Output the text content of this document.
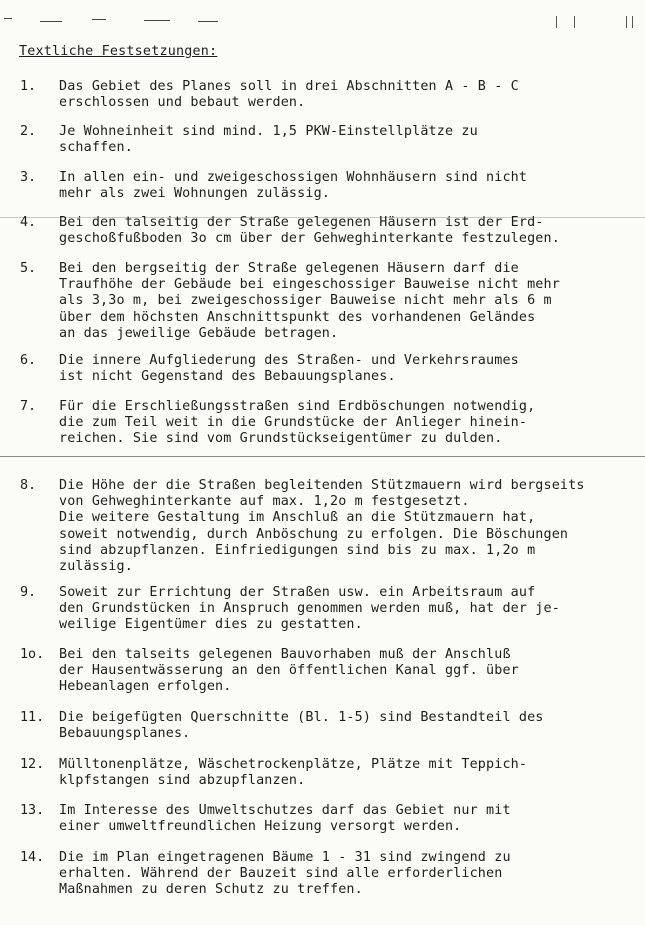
Textliche Festsetzungen:
1. Das Gebiet des Planes soll in drei Abschnitten A - B - C
erschlossen und bebaut werden.
2. Je Wohneinheit sind mind. 1,5 PKW-Einstellplätze zu
schaffen.
3. In allen ein- und zweigeschossigen Wohnhäusern sind nicht
mehr als zwei Wohnungen zulässig.
4. Bei den talseitig der Straße gelegenen Häusern ist der Erd-
geschoßfußboden 3o cm über der Gehweghinterkante festzulegen.
5. Bei den bergseitig der Straße gelegenen Häusern darf die
Traufhöhe der Gebäude bei eingeschossiger Bauweise nicht mehr
als 3,3o m, bei zweigeschossiger Bauweise nicht mehr als 6 m
über dem höchsten Anschnittspunkt des vorhandenen Geländes
an das jeweilige Gebäude betragen.
6. Die innere Aufgliederung des Straßen- und Verkehrsraumes
ist nicht Gegenstand des Bebauungsplanes.
7. Für die Erschließungsstraßen sind Erdböschungen notwendig,
die zum Teil weit in die Grundstücke der Anlieger hinein-
reichen. Sie sind vom Grundstückseigentümer zu dulden.
8. Die Höhe der die Straßen begleitenden Stützmauern wird bergseits
von Gehweghinterkante auf max. 1,2o m festgesetzt.
Die weitere Gestaltung im Anschluß an die Stützmauern hat,
soweit notwendig, durch Anböschung zu erfolgen. Die Böschungen
sind abzupflanzen. Einfriedigungen sind bis zu max. 1,2o m
zulässig.
9. Soweit zur Errichtung der Straßen usw. ein Arbeitsraum auf
den Grundstücken in Anspruch genommen werden muß, hat der je-
weilige Eigentümer dies zu gestatten.
1o. Bei den talseits gelegenen Bauvorhaben muß der Anschluß
der Hausentwässerung an den öffentlichen Kanal ggf. über
Hebeanlagen erfolgen.
11. Die beigefügten Querschnitte (Bl. 1-5) sind Bestandteil des
Bebauungsplanes.
12. Mülltonenplätze, Wäschetrockenplätze, Plätze mit Teppich-
klpfstangen sind abzupflanzen.
13. Im Interesse des Umweltschutzes darf das Gebiet nur mit
einer umweltfreundlichen Heizung versorgt werden.
14. Die im Plan eingetragenen Bäume 1 - 31 sind zwingend zu
erhalten. Während der Bauzeit sind alle erforderlichen
Maßnahmen zu deren Schutz zu treffen.
